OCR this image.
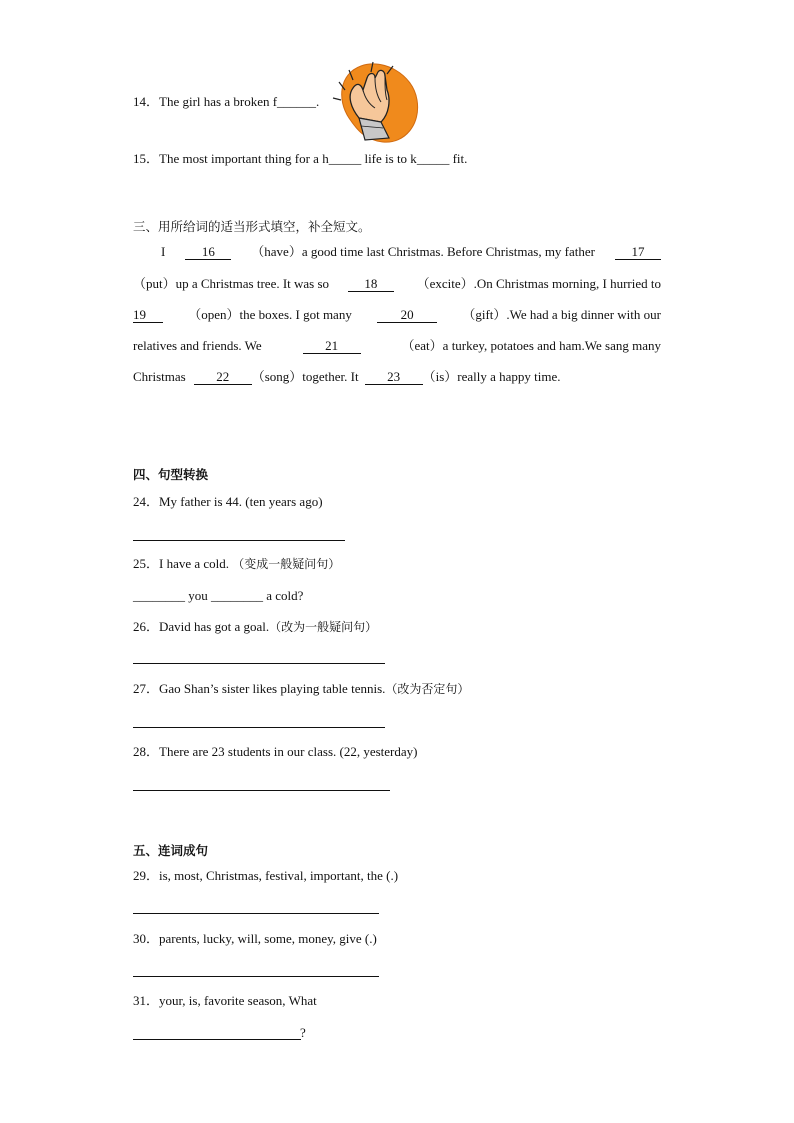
14．The girl has a broken f______.
15．The most important thing for a h_____ life is to k_____ fit.
三、用所给词的适当形式填空，补全短文。
I	16	（have）a good time last Christmas. Before Christmas, my father	17
（put）up a Christmas tree. It was so	18	（excite）.On Christmas morning, I hurried to
19	（open）the boxes. I got many	20	（gift）.We had a big dinner with our
relatives and friends. We	21	（eat）a turkey, potatoes and ham.We sang many
Christmas	22	（song）together. It	23	（is）really a happy time.
四、句型转换
24．My father is 44. (ten years ago)
25．I have a cold. （变成一般疑问句）
________ you ________ a cold?
26．David has got a goal.（改为一般疑问句）
27．Gao Shan’s sister likes playing table tennis.（改为否定句）
28．There are 23 students in our class. (22, yesterday)
五、连词成句
29．is, most, Christmas, festival, important, the (.)
30．parents, lucky, will, some, money, give (.)
31．your, is, favorite season, What
?
